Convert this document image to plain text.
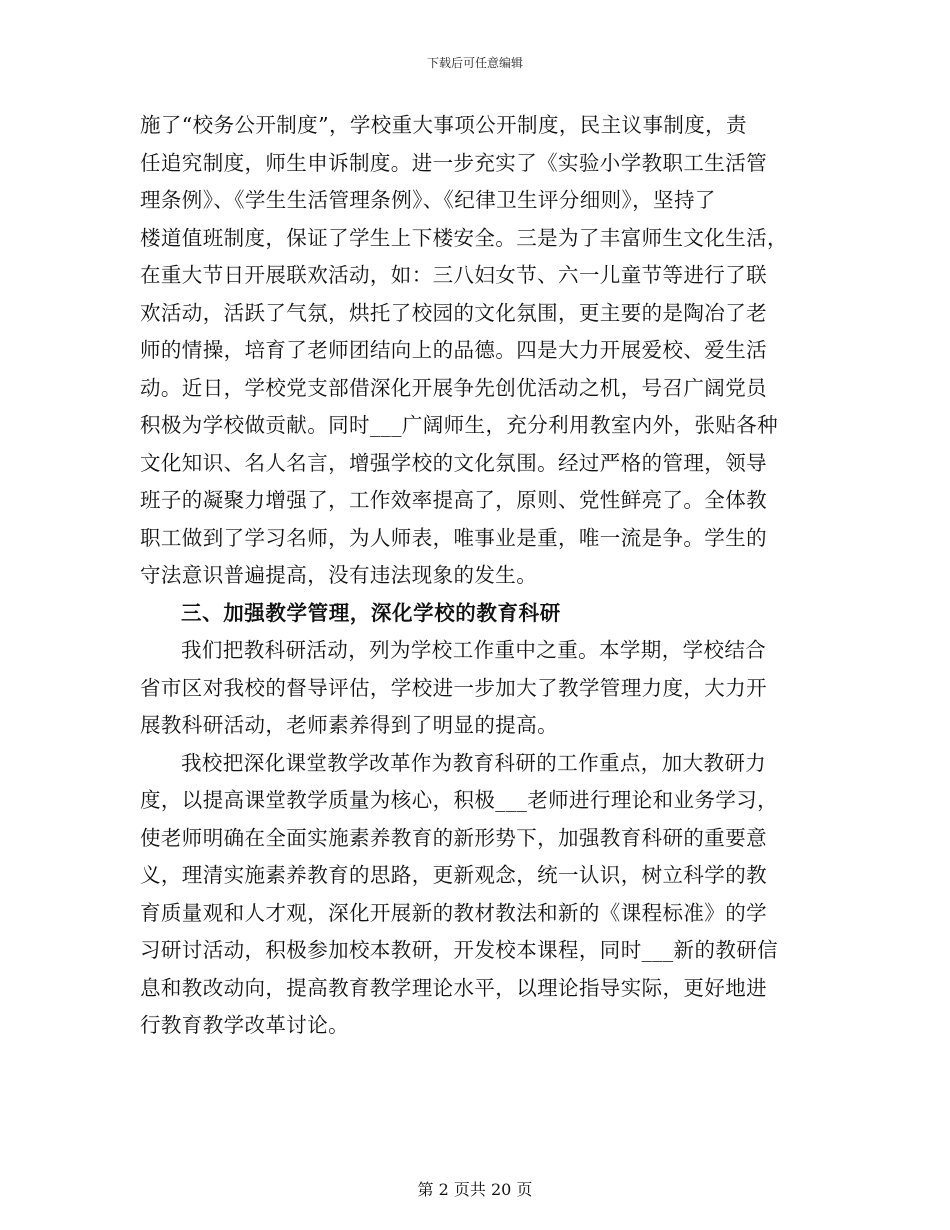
下载后可任意编辑
施了“校务公开制度”，学校重大事项公开制度，民主议事制度，责
任追究制度，师生申诉制度。进一步充实了《实验小学教职工生活管
理条例》、《学生生活管理条例》、《纪律卫生评分细则》，坚持了
楼道值班制度，保证了学生上下楼安全。三是为了丰富师生文化生活，
在重大节日开展联欢活动，如：三八妇女节、六一儿童节等进行了联
欢活动，活跃了气氛，烘托了校园的文化氛围，更主要的是陶冶了老
师的情操，培育了老师团结向上的品德。四是大力开展爱校、爱生活
动。近日，学校党支部借深化开展争先创优活动之机，号召广阔党员
积极为学校做贡献。同时___广阔师生，充分利用教室内外，张贴各种
文化知识、名人名言，增强学校的文化氛围。经过严格的管理，领导
班子的凝聚力增强了，工作效率提高了，原则、党性鲜亮了。全体教
职工做到了学习名师，为人师表，唯事业是重，唯一流是争。学生的
守法意识普遍提高，没有违法现象的发生。
三、加强教学管理，深化学校的教育科研
我们把教科研活动，列为学校工作重中之重。本学期，学校结合
省市区对我校的督导评估，学校进一步加大了教学管理力度，大力开
展教科研活动，老师素养得到了明显的提高。
我校把深化课堂教学改革作为教育科研的工作重点，加大教研力
度，以提高课堂教学质量为核心，积极___老师进行理论和业务学习，
使老师明确在全面实施素养教育的新形势下，加强教育科研的重要意
义，理清实施素养教育的思路，更新观念，统一认识，树立科学的教
育质量观和人才观，深化开展新的教材教法和新的《课程标准》的学
习研讨活动，积极参加校本教研，开发校本课程，同时___新的教研信
息和教改动向，提高教育教学理论水平，以理论指导实际，更好地进
行教育教学改革讨论。
第 2 页共 20 页
